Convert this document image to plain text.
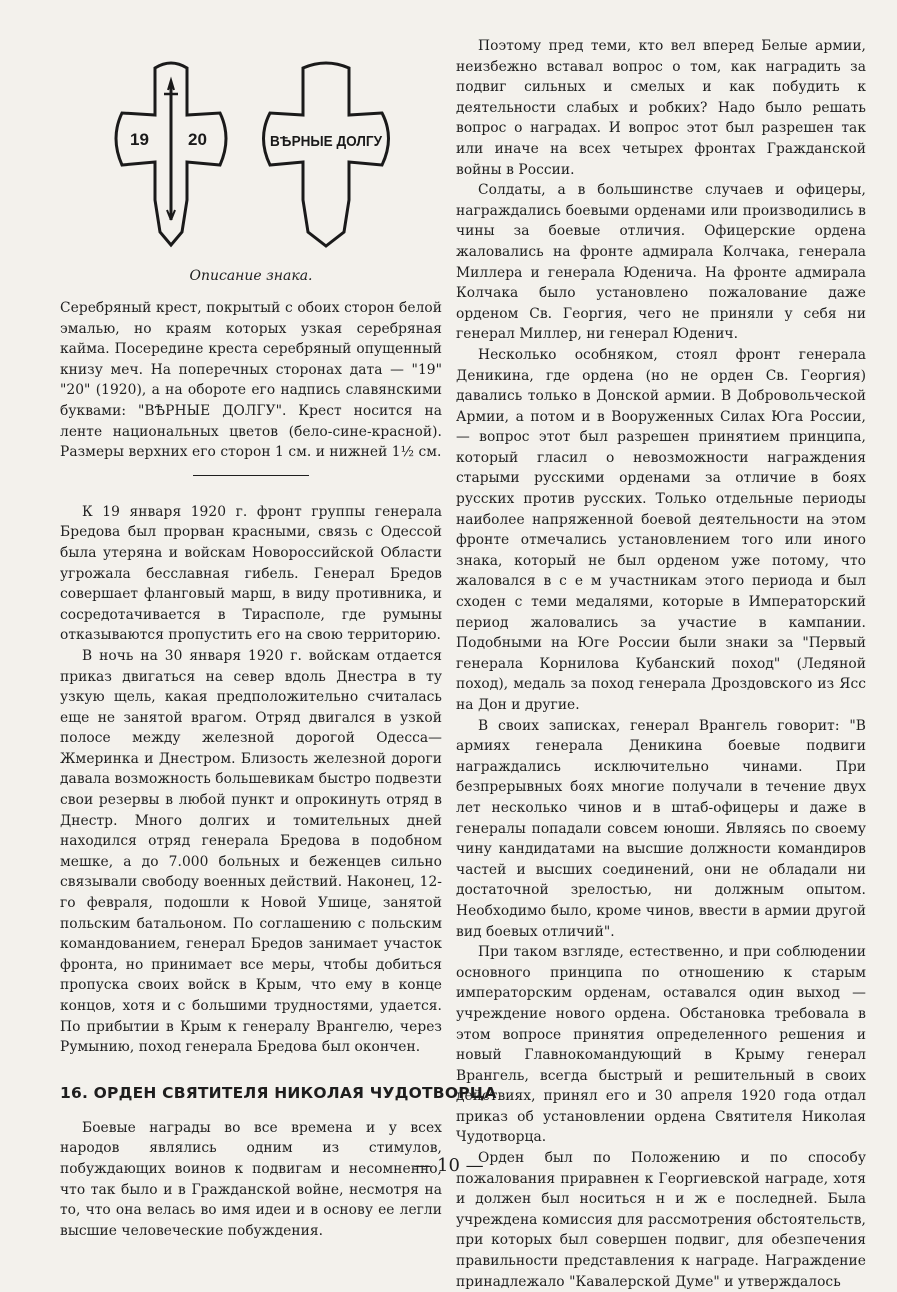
19 20	ВѢРНЫЕ ДОЛГУ
Описание знака.

Серебряный крест, покрытый с обоих сторон белой эмалью, но краям которых узкая серебряная кайма. Посередине креста серебряный опущенный книзу меч. На поперечных сторонах дата — "19" "20" (1920), а на обороте его надпись славянскими буквами: "ВѢРНЫЕ ДОЛГУ". Крест носится на ленте национальных цветов (бело-сине-красной). Размеры верхних его сторон 1 см. и нижней 1½ см.

К 19 января 1920 г. фронт группы генерала Бредова был прорван красными, связь с Одессой была утеряна и войскам Новороссийской Области угрожала бесславная гибель. Генерал Бредов совершает фланговый марш, в виду противника, и сосредотачивается в Тирасполе, где румыны отказываются пропустить его на свою территорию.

В ночь на 30 января 1920 г. войскам отдается приказ двигаться на север вдоль Днестра в ту узкую щель, какая предположительно считалась еще не занятой врагом. Отряд двигался в узкой полосе между железной дорогой Одесса—Жмеринка и Днестром. Близость железной дороги давала возможность большевикам быстро подвезти свои резервы в любой пункт и опрокинуть отряд в Днестр. Много долгих и томительных дней находился отряд генерала Бредова в подобном мешке, а до 7.000 больных и беженцев сильно связывали свободу военных действий. Наконец, 12-го февраля, подошли к Новой Ушице, занятой польским батальоном. По соглашению с польским командованием, генерал Бредов занимает участок фронта, но принимает все меры, чтобы добиться пропуска своих войск в Крым, что ему в конце концов, хотя и с большими трудностями, удается. По прибытии в Крым к генералу Врангелю, через Румынию, поход генерала Бредова был окончен.

16. ОРДЕН СВЯТИТЕЛЯ НИКОЛАЯ ЧУДОТВОРЦА

Боевые награды во все времена и у всех народов являлись одним из стимулов, побуждающих воинов к подвигам и несомненно, что так было и в Гражданской войне, несмотря на то, что она велась во имя идеи и в основу ее легли высшие человеческие побуждения.

Поэтому пред теми, кто вел вперед Белые армии, неизбежно вставал вопрос о том, как наградить за подвиг сильных и смелых и как побудить к деятельности слабых и робких? Надо было решать вопрос о наградах. И вопрос этот был разрешен так или иначе на всех четырех фронтах Гражданской войны в России.

Солдаты, а в большинстве случаев и офицеры, награждались боевыми орденами или производились в чины за боевые отличия. Офицерские ордена жаловались на фронте адмирала Колчака, генерала Миллера и генерала Юденича. На фронте адмирала Колчака было установлено пожалование даже орденом Св. Георгия, чего не приняли у себя ни генерал Миллер, ни генерал Юденич.

Несколько особняком, стоял фронт генерала Деникина, где ордена (но не орден Св. Георгия) давались только в Донской армии. В Добровольческой Армии, а потом и в Вооруженных Силах Юга России, — вопрос этот был разрешен принятием принципа, который гласил о невозможности награждения старыми русскими орденами за отличие в боях русских против русских. Только отдельные периоды наиболее напряженной боевой деятельности на этом фронте отмечались установлением того или иного знака, который не был орденом уже потому, что жаловался в с е м участникам этого периода и был сходен с теми медалями, которые в Императорский период жаловались за участие в кампании. Подобными на Юге России были знаки за "Первый генерала Корнилова Кубанский поход" (Ледяной поход), медаль за поход генерала Дроздовского из Ясс на Дон и другие.

В своих записках, генерал Врангель говорит: "В армиях генерала Деникина боевые подвиги награждались исключительно чинами. При безпрерывных боях многие получали в течение двух лет несколько чинов и в штаб-офицеры и даже в генералы попадали совсем юноши. Являясь по своему чину кандидатами на высшие должности командиров частей и высших соединений, они не обладали ни достаточной зрелостью, ни должным опытом. Необходимо было, кроме чинов, ввести в армии другой вид боевых отличий".

При таком взгляде, естественно, и при соблюдении основного принципа по отношению к старым императорским орденам, оставался один выход — учреждение нового ордена. Обстановка требовала в этом вопросе принятия определенного решения и новый Главнокомандующий в Крыму генерал Врангель, всегда быстрый и решительный в своих действиях, принял его и 30 апреля 1920 года отдал приказ об установлении ордена Святителя Николая Чудотворца.

Орден был по Положению и по способу пожалования приравнен к Георгиевской награде, хотя и должен был носиться н и ж е последней. Была учреждена комиссия для рассмотрения обстоятельств, при которых был совершен подвиг, для обезпечения правильности представления к награде. Награждение принадлежало "Кавалерской Думе" и утверждалось

— 10 —
